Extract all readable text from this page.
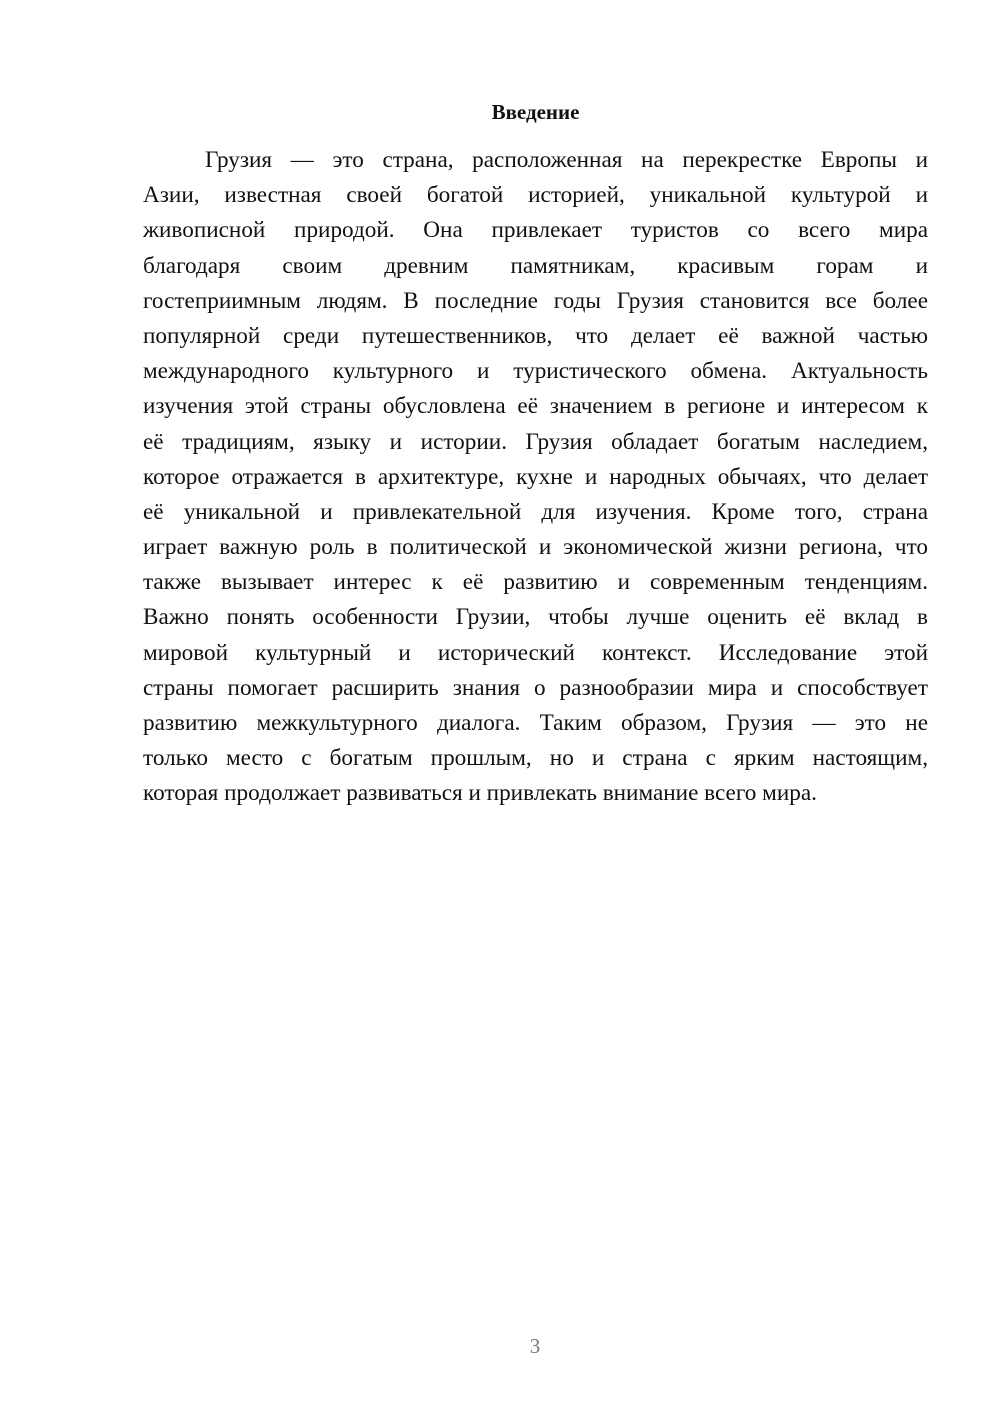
Введение
Грузия — это страна, расположенная на перекрестке Европы и
Азии, известная своей богатой историей, уникальной культурой и
живописной природой. Она привлекает туристов со всего мира
благодаря своим древним памятникам, красивым горам и
гостеприимным людям. В последние годы Грузия становится все более
популярной среди путешественников, что делает её важной частью
международного культурного и туристического обмена. Актуальность
изучения этой страны обусловлена её значением в регионе и интересом к
её традициям, языку и истории. Грузия обладает богатым наследием,
которое отражается в архитектуре, кухне и народных обычаях, что делает
её уникальной и привлекательной для изучения. Кроме того, страна
играет важную роль в политической и экономической жизни региона, что
также вызывает интерес к её развитию и современным тенденциям.
Важно понять особенности Грузии, чтобы лучше оценить её вклад в
мировой культурный и исторический контекст. Исследование этой
страны помогает расширить знания о разнообразии мира и способствует
развитию межкультурного диалога. Таким образом, Грузия — это не
только место с богатым прошлым, но и страна с ярким настоящим,
которая продолжает развиваться и привлекать внимание всего мира.
3
